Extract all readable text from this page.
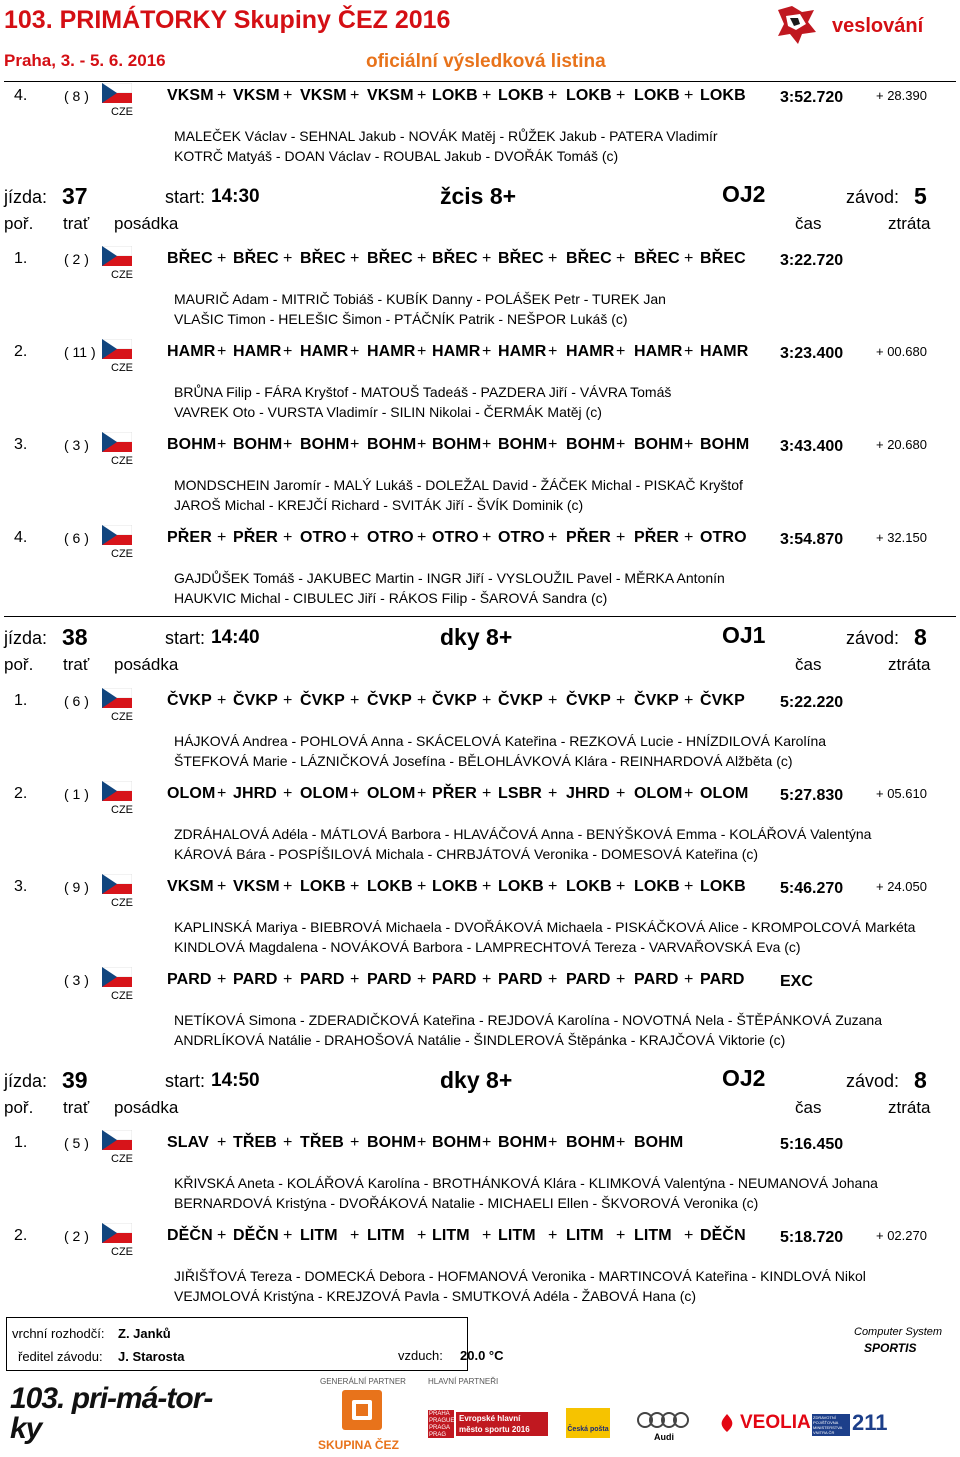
103. PRIMÁTORKY Skupiny ČEZ 2016
Praha, 3. - 5. 6. 2016	oficiální výsledková listina
veslování
4.	( 8 )
CZE
VKSM + VKSM + VKSM + VKSM + LOKB + LOKB + LOKB + LOKB + LOKB	3:52.720	+ 28.390
MALEČEK Václav - SEHNAL Jakub - NOVÁK Matěj - RŮŽEK Jakub - PATERA Vladimír
KOTRČ Matyáš - DOAN Václav - ROUBAL Jakub - DVOŘÁK Tomáš (c)
jízda: 37	start: 14:30	žcis 8+	OJ2	závod: 5
poř. trať posádka	čas	ztráta
1.	( 2 )
CZE
BŘEC + BŘEC + BŘEC + BŘEC + BŘEC + BŘEC + BŘEC + BŘEC + BŘEC	3:22.720
MAURIČ Adam - MITRIČ Tobiáš - KUBÍK Danny - POLÁŠEK Petr - TUREK Jan
VLAŠIC Timon - HELEŠIC Šimon - PTÁČNÍK Patrik - NEŠPOR Lukáš (c)
2.	( 11 )
CZE
HAMR + HAMR + HAMR + HAMR + HAMR + HAMR + HAMR + HAMR + HAMR	3:23.400	+ 00.680
BRŮNA Filip - FÁRA Kryštof - MATOUŠ Tadeáš - PAZDERA Jiří - VÁVRA Tomáš
VAVREK Oto - VURSTA Vladimír - SILIN Nikolai - ČERMÁK Matěj (c)
3.	( 3 )
CZE
BOHM + BOHM + BOHM + BOHM + BOHM + BOHM + BOHM + BOHM + BOHM 3:43.400	+ 20.680
MONDSCHEIN Jaromír - MALÝ Lukáš - DOLEŽAL David - ŽÁČEK Michal - PISKAČ Kryštof
JAROŠ Michal - KREJČÍ Richard - SVITÁK Jiří - ŠVÍK Dominik (c)
4.	( 6 )
CZE
PŘER + PŘER + OTRO + OTRO + OTRO + OTRO + PŘER + PŘER + OTRO	3:54.870	+ 32.150
GAJDŮŠEK Tomáš - JAKUBEC Martin - INGR Jiří - VYSLOUŽIL Pavel - MĚRKA Antonín
HAUKVIC Michal - CIBULEC Jiří - RÁKOS Filip - ŠAROVÁ Sandra (c)
jízda: 38	start: 14:40	dky 8+	OJ1	závod: 8
poř. trať posádka	čas	ztráta
1.	( 6 )
CZE
ČVKP + ČVKP + ČVKP + ČVKP + ČVKP + ČVKP + ČVKP + ČVKP + ČVKP	5:22.220
HÁJKOVÁ Andrea - POHLOVÁ Anna - SKÁCELOVÁ Kateřina - REZKOVÁ Lucie - HNÍZDILOVÁ Karolína
ŠTEFKOVÁ Marie - LÁZNIČKOVÁ Josefína - BĚLOHLÁVKOVÁ Klára - REINHARDOVÁ Alžběta (c)
2.	( 1 )
CZE
OLOM + JHRD + OLOM + OLOM + PŘER + LSBR + JHRD + OLOM + OLOM	5:27.830	+ 05.610
ZDRÁHALOVÁ Adéla - MÁTLOVÁ Barbora - HLAVÁČOVÁ Anna - BENÝŠKOVÁ Emma - KOLÁŘOVÁ Valentýna
KÁROVÁ Bára - POSPÍŠILOVÁ Michala - CHRBJÁTOVÁ Veronika - DOMESOVÁ Kateřina (c)
3.	( 9 )
CZE
VKSM + VKSM + LOKB + LOKB + LOKB + LOKB + LOKB + LOKB + LOKB	5:46.270	+ 24.050
KAPLINSKÁ Mariya - BIEBROVÁ Michaela - DVOŘÁKOVÁ Michaela - PISKÁČKOVÁ Alice - KROMPOLCOVÁ Markéta
KINDLOVÁ Magdalena - NOVÁKOVÁ Barbora - LAMPRECHTOVÁ Tereza - VARVAŘOVSKÁ Eva (c)
( 3 )
CZE
PARD + PARD + PARD + PARD + PARD + PARD + PARD + PARD + PARD	EXC
NETÍKOVÁ Simona - ZDERADIČKOVÁ Kateřina - REJDOVÁ Karolína - NOVOTNÁ Nela - ŠTĚPÁNKOVÁ Zuzana
ANDRLÍKOVÁ Natálie - DRAHOŠOVÁ Natálie - ŠINDLEROVÁ Štěpánka - KRAJČOVÁ Viktorie (c)
jízda: 39	start: 14:50	dky 8+	OJ2	závod: 8
poř. trať posádka	čas	ztráta
1.	( 5 )
CZE
SLAV + TŘEB + TŘEB + BOHM + BOHM + BOHM + BOHM + BOHM	5:16.450
KŘIVSKÁ Aneta - KOLÁŘOVÁ Karolína - BROTHÁNKOVÁ Klára - KLIMKOVÁ Valentýna - NEUMANOVÁ Johana
BERNARDOVÁ Kristýna - DVOŘÁKOVÁ Natalie - MICHAELI Ellen - ŠKVOROVÁ Veronika (c)
2.	( 2 )
CZE
DĚČN + DĚČN + LITM + LITM + LITM + LITM + LITM + LITM + DĚČN	5:18.720	+ 02.270
JIŘIŠŤOVÁ Tereza - DOMECKÁ Debora - HOFMANOVÁ Veronika - MARTINCOVÁ Kateřina - KINDLOVÁ Nikol
VEJMOLOVÁ Kristýna - KREJZOVÁ Pavla - SMUTKOVÁ Adéla - ŽABOVÁ Hana (c)
vrchní rozhodčí: Z. Janků
ředitel závodu: J. Starosta	vzduch: 20.0 °C
Computer System
SPORTIS
103. pri-má-tor-ky
GENERÁLNÍ PARTNER	HLAVNÍ PARTNEŘI
SKUPINA ČEZ
PRAHA PRAGUE PRAGA PRAG
Evropské hlavní město sportu 2016	Česká pošta
Audi
VEOLIA ZDRAVOTNÍ POJIŠŤOVNA MINISTERSTVA VNITRA ČR 211
